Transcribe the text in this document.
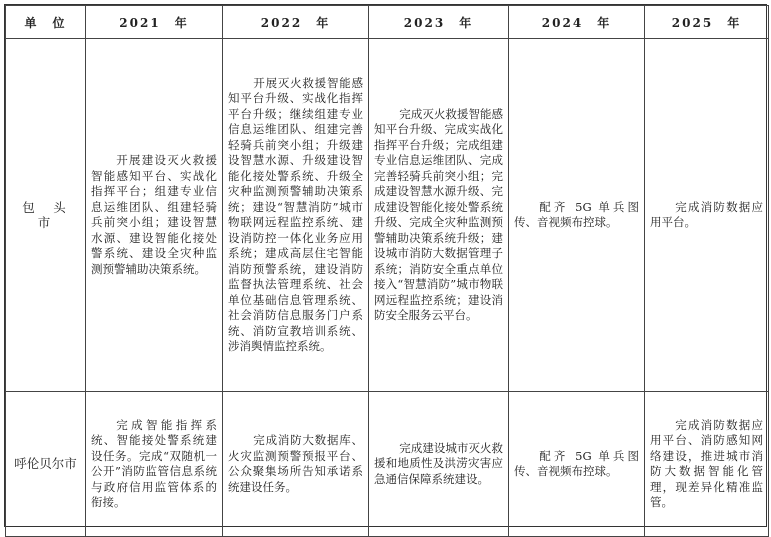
单　位	2021　年	2022　年	2023　年	2024　年	2025　年
包　头　市	开展建设灭火救援智能感知平台、实战化指挥平台；组建专业信息运维团队、组建轻骑兵前突小组；建设智慧水源、建设智能化接处警系统、建设全灾种监测预警辅助决策系统。	开展灭火救援智能感知平台升级、实战化指挥平台升级；继续组建专业信息运维团队、组建完善轻骑兵前突小组；升级建设智慧水源、升级建设智能化接处警系统、升级全灾种监测预警辅助决策系统；建设“智慧消防”城市物联网远程监控系统、建设消防控一体化业务应用系统；建成高层住宅智能消防预警系统，建设消防监督执法管理系统、社会单位基础信息管理系统、社会消防信息服务门户系统、消防宣教培训系统、涉消舆情监控系统。	完成灭火救援智能感知平台升级、完成实战化指挥平台升级；完成组建专业信息运维团队、完成完善轻骑兵前突小组；完成建设智慧水源升级、完成建设智能化接处警系统升级、完成全灾种监测预警辅助决策系统升级；建设城市消防大数据管理子系统；消防安全重点单位接入“智慧消防”城市物联网远程监控系统；建设消防安全服务云平台。	配齐 5G 单兵图传、音视频布控球。	完成消防数据应用平台。

呼伦贝尔市	完成智能指挥系统、智能接处警系统建设任务。完成“双随机一公开”消防监管信息系统与政府信用监管体系的衔接。	完成消防大数据库、火灾监测预警预报平台、公众聚集场所告知承诺系统建设任务。	完成建设城市灭火救援和地质性及洪涝灾害应急通信保障系统建设。	配齐 5G 单兵图传、音视频布控球。	完成消防数据应用平台、消防感知网络建设，推进城市消防大数据智能化管理，现差异化精准监管。
